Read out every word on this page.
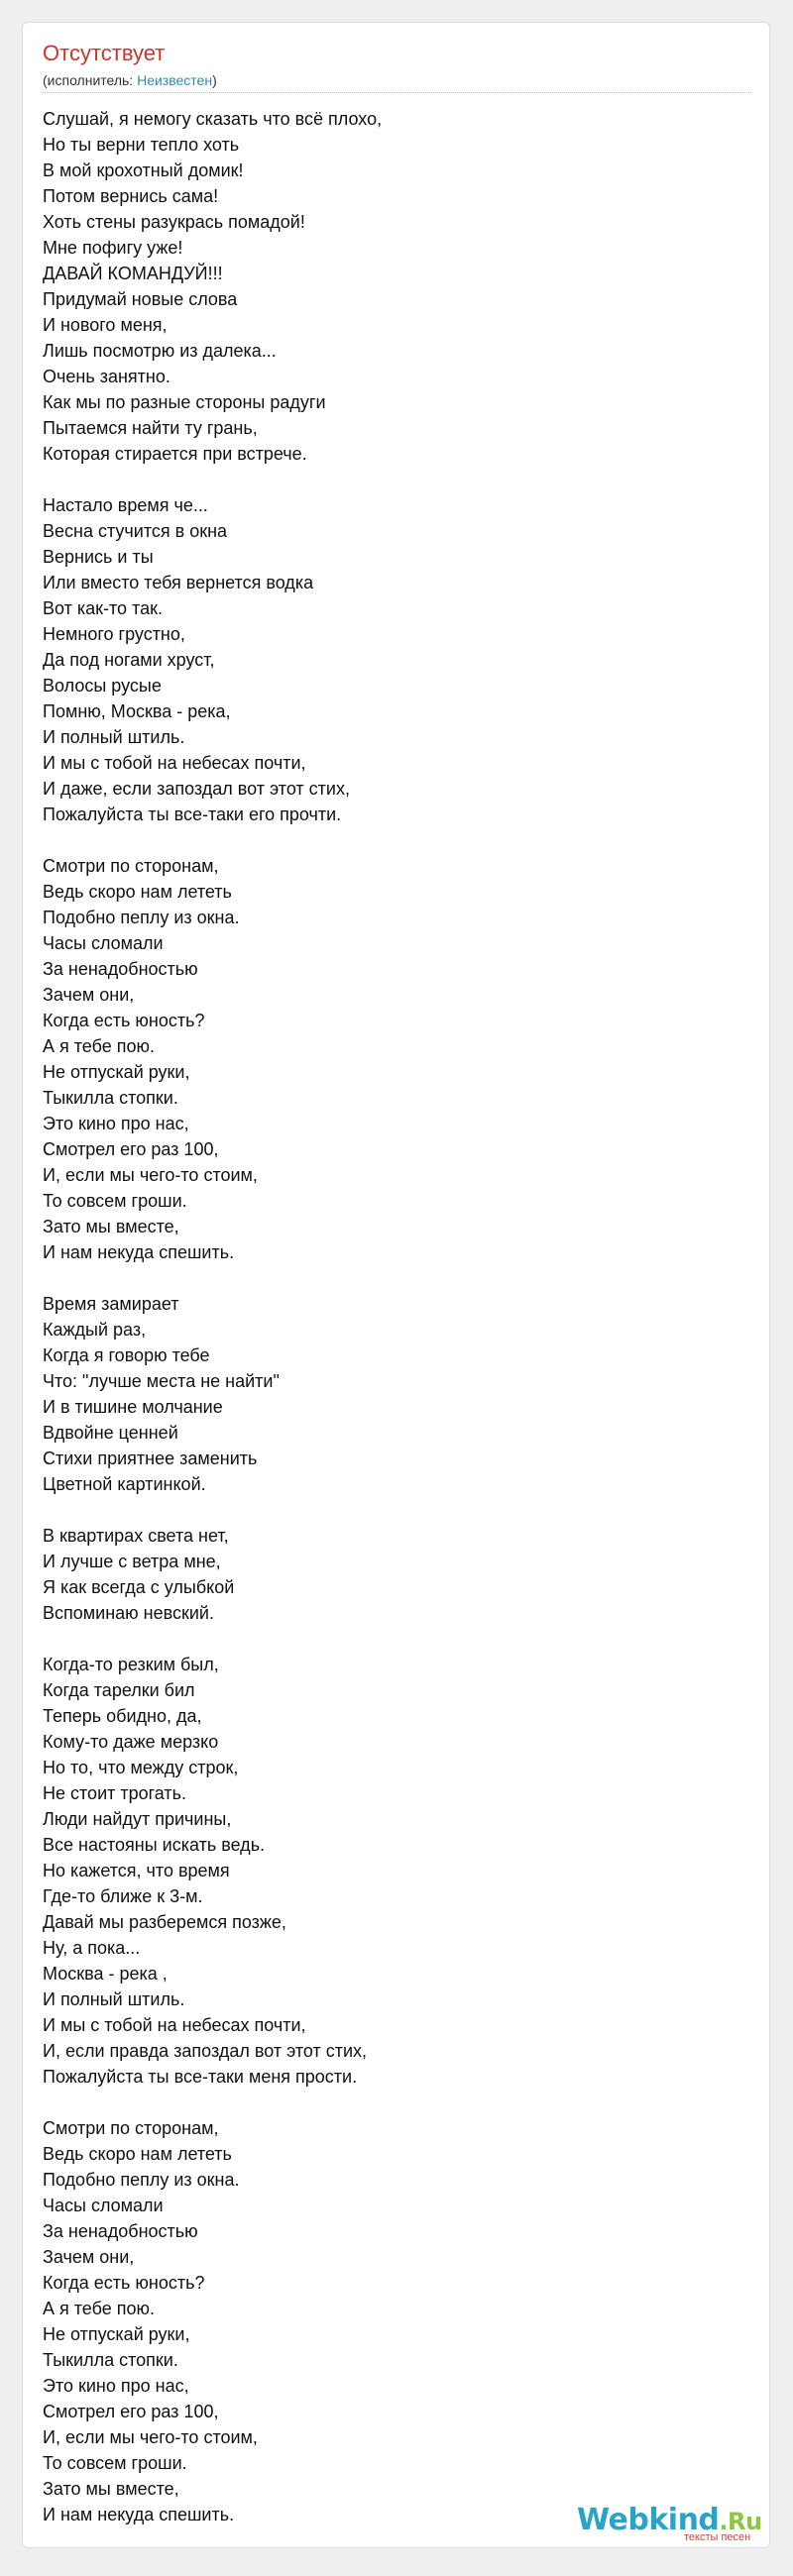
Отсутствует
(исполнитель: Неизвестен)
Слушай, я немогу сказать что всё плохо,
Но ты верни тепло хоть
В мой крохотный домик!
Потом вернись сама!
Хоть стены разукрась помадой!
Мне пофигу уже!
ДАВАЙ КОМАНДУЙ!!!
Придумай новые слова
И нового меня,
Лишь посмотрю из далека...
Очень занятно.
Как мы по разные стороны радуги
Пытаемся найти ту грань,
Которая стирается при встрече.
Настало время че...
Весна стучится в окна
Вернись и ты
Или вместо тебя вернется водка
Вот как-то так.
Немного грустно,
Да под ногами хруст,
Волосы русые
Помню, Москва - река,
И полный штиль.
И мы с тобой на небесах почти,
И даже, если запоздал вот этот стих,
Пожалуйста ты все-таки его прочти.
Смотри по сторонам,
Ведь скоро нам лететь
Подобно пеплу из окна.
Часы сломали
За ненадобностью
Зачем они,
Когда есть юность?
А я тебе пою.
Не отпускай руки,
Тыкилла стопки.
Это кино про нас,
Смотрел его раз 100,
И, если мы чего-то стоим,
То совсем гроши.
Зато мы вместе,
И нам некуда спешить.
Время замирает
Каждый раз,
Когда я говорю тебе
Что: "лучше места не найти"
И в тишине молчание
Вдвойне ценней
Стихи приятнее заменить
Цветной картинкой.
В квартирах света нет,
И лучше с ветра мне,
Я как всегда с улыбкой
Вспоминаю невский.
Когда-то резким был,
Когда тарелки бил
Теперь обидно, да,
Кому-то даже мерзко
Но то, что между строк,
Не стоит трогать.
Люди найдут причины,
Все настояны искать ведь.
Но кажется, что время
Где-то ближе к 3-м.
Давай мы разберемся позже,
Ну, а пока...
Москва - река ,
И полный штиль.
И мы с тобой на небесах почти,
И, если правда запоздал вот этот стих,
Пожалуйста ты все-таки меня прости.
Смотри по сторонам,
Ведь скоро нам лететь
Подобно пеплу из окна.
Часы сломали
За ненадобностью
Зачем они,
Когда есть юность?
А я тебе пою.
Не отпускай руки,
Тыкилла стопки.
Это кино про нас,
Смотрел его раз 100,
И, если мы чего-то стоим,
То совсем гроши.
Зато мы вместе,
И нам некуда спешить.	Webkind.Ru
тексты песен
